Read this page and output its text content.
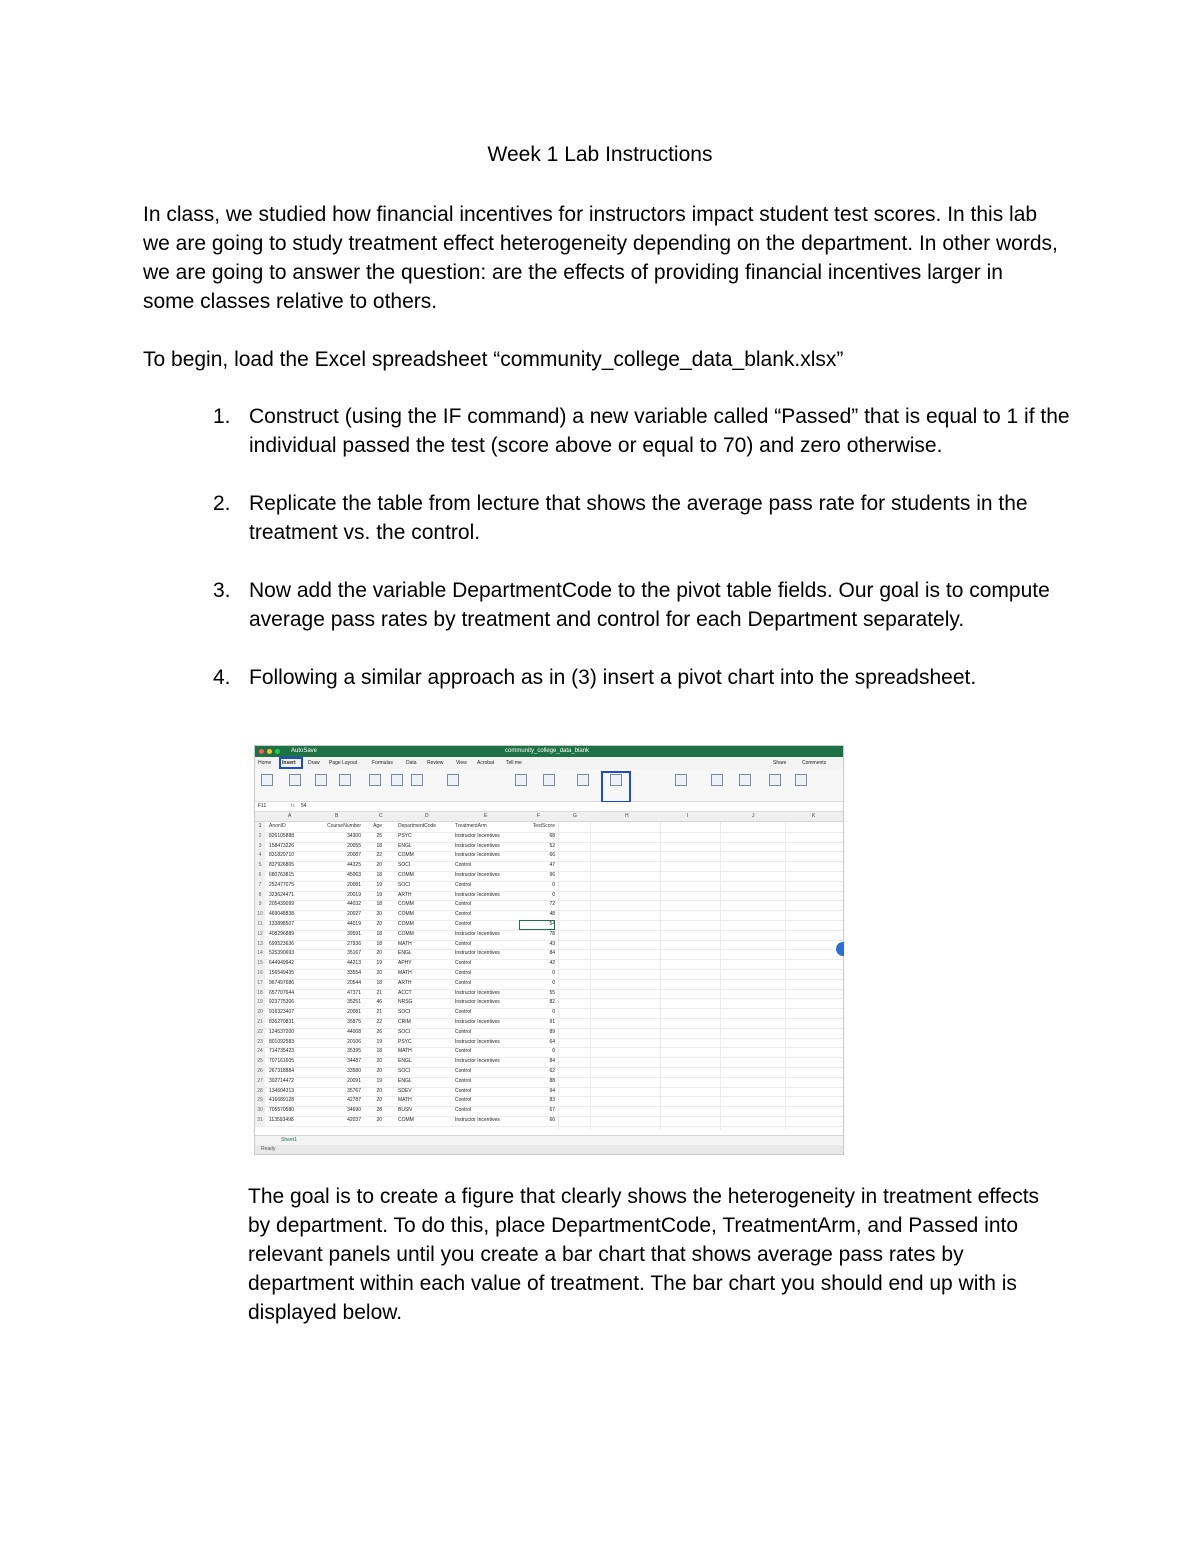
Week 1 Lab Instructions
In class, we studied how financial incentives for instructors impact student test scores. In this lab we are going to study treatment effect heterogeneity depending on the department. In other words, we are going to answer the question: are the effects of providing financial incentives larger in some classes relative to others.
To begin, load the Excel spreadsheet “community_college_data_blank.xlsx”
1. Construct (using the IF command) a new variable called “Passed” that is equal to 1 if the individual passed the test (score above or equal to 70) and zero otherwise.
2. Replicate the table from lecture that shows the average pass rate for students in the treatment vs. the control.
3. Now add the variable DepartmentCode to the pivot table fields. Our goal is to compute average pass rates by treatment and control for each Department separately.
4. Following a similar approach as in (3) insert a pivot chart into the spreadsheet.
AutoSave	community_college_data_blank
Home Insert Draw Page Layout	Formulas	Data Review	View Acrobat Tell me	Share	Comments
F11	fx 54
A	B	C	D	E	F	G	H	I	J	K
1	AnonID	CourseNumber	Age	DepartmentCode	TreatmentArm	TestScore
2	826105888	34300	25	PSYC	Instructor Incentives	68
3	158473226	20055	18	ENGL	Instructor Incentives	52
4	831829710	20087	22	COMM	Instructor Incentives	66
5	837926805	44325	20	SOCI	Control	47
6	680763815	45063	18	COMM	Instructor Incentives	96
7	252477075	20081	19	SOCI	Control	0
8	323624471	20019	19	ARTH	Instructor Incentives	0
9	205439099	44032	18	COMM	Control	72
10	469048838	20027	20	COMM	Control	48
11	133898507	44019	20	COMM	Control	54
12	408296889	39591	18	COMM	Instructor Incentives	78
13	699523636	27936	18	MATH	Control	43
14	525390693	35167	20	ENGL	Instructor Incentives	84
15	644949942	44213	19	APHY	Control	42
16	156549435	33554	20	MATH	Control	0
17	967497686	20544	18	ARTH	Control	0
18	657707644	47371	21	ACCT	Instructor Incentives	55
19	923775306	35251	46	NRSG	Instructor Incentives	82
20	916323407	20081	21	SOCI	Control	0
21	836270831	35875	22	CRIM	Instructor Incentives	91
22	124537200	44008	26	SOCI	Control	89
23	801092583	20106	19	PSYC	Instructor Incentives	64
24	714735423	35395	18	MATH	Control	0
25	707161605	34487	20	ENGL	Instructor Incentives	84
26	267318884	33580	20	SOCI	Control	62
27	302714472	20091	19	ENGL	Control	88
28	134604313	35767	20	SDEV	Control	94
29	416689128	42787	20	MATH	Control	83
30	705570580	34690	28	BUSN	Control	67
31	113593498	42037	20	COMM	Instructor Incentives	66
Sheet1
Ready
The goal is to create a figure that clearly shows the heterogeneity in treatment effects by department. To do this, place DepartmentCode, TreatmentArm, and Passed into relevant panels until you create a bar chart that shows average pass rates by department within each value of treatment. The bar chart you should end up with is displayed below.
